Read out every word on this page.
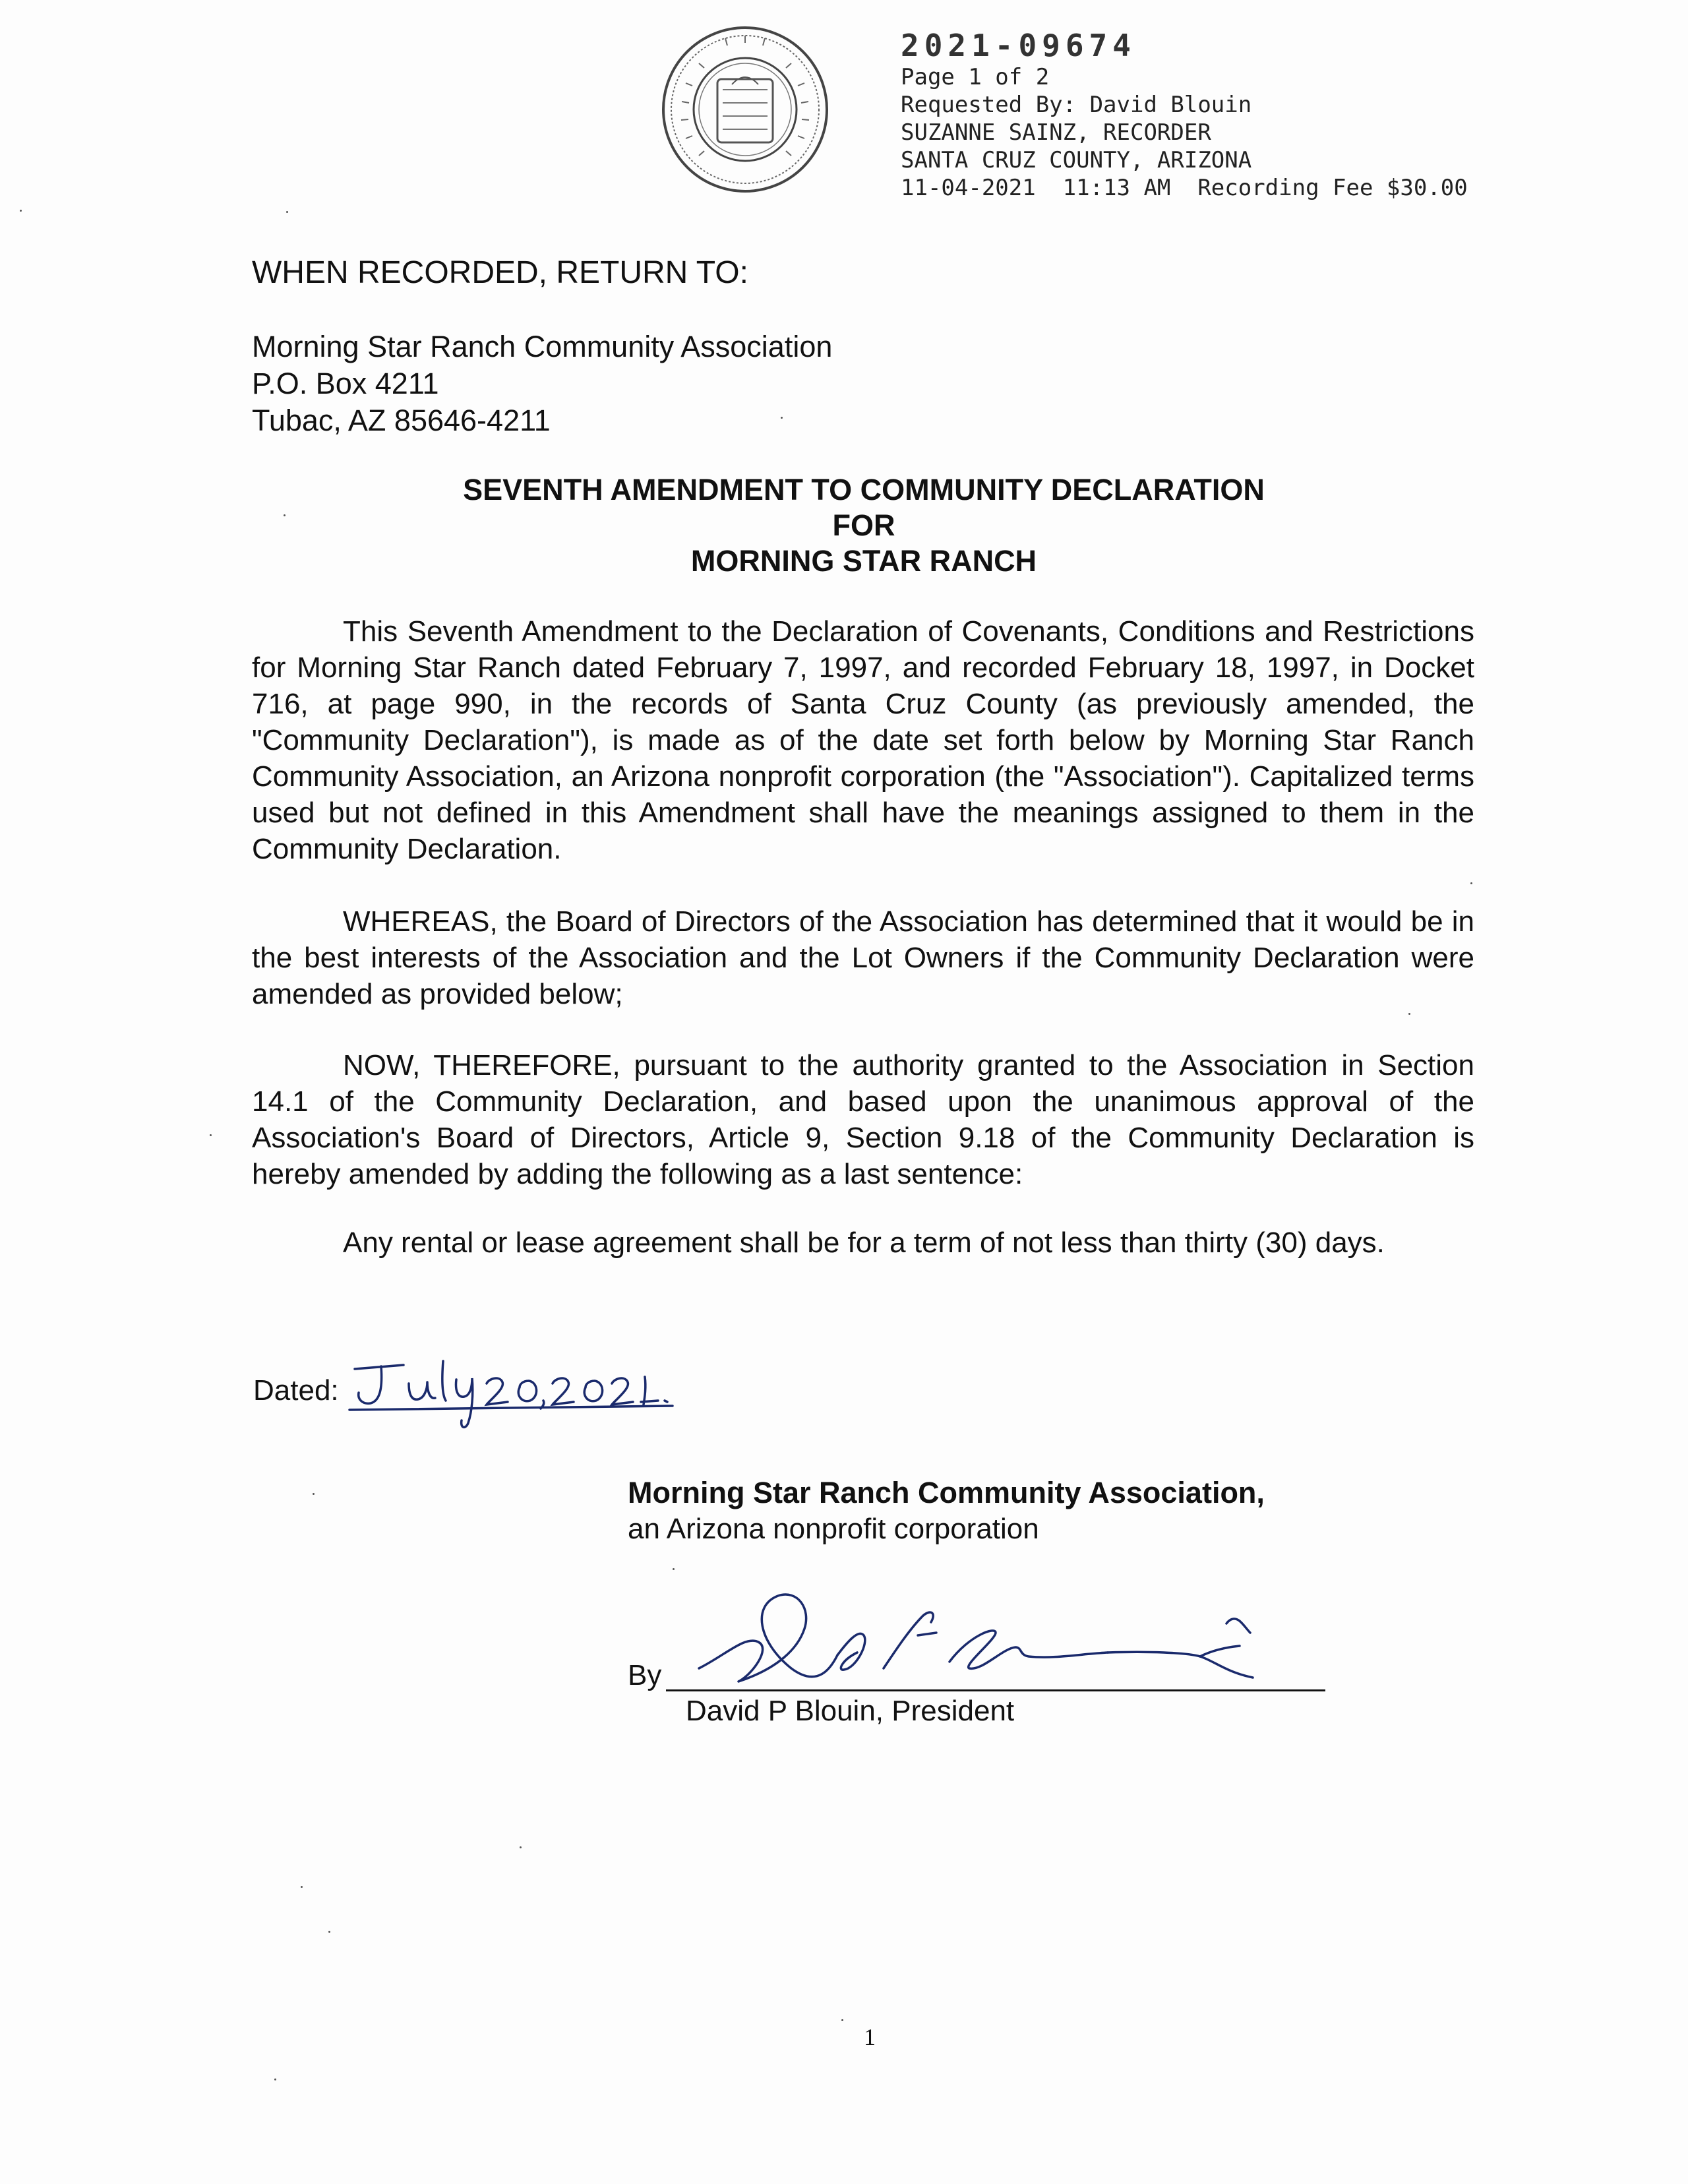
2021-09674
Page 1 of 2
Requested By: David Blouin
SUZANNE SAINZ, RECORDER
SANTA CRUZ COUNTY, ARIZONA
11-04-2021  11:13 AM  Recording Fee $30.00
WHEN RECORDED, RETURN TO:
Morning Star Ranch Community Association
P.O. Box 4211
Tubac, AZ 85646-4211
SEVENTH AMENDMENT TO COMMUNITY DECLARATION
FOR
MORNING STAR RANCH
This Seventh Amendment to the Declaration of Covenants, Conditions and Restrictions for Morning Star Ranch dated February 7, 1997, and recorded February 18, 1997, in Docket 716, at page 990, in the records of Santa Cruz County (as previously amended, the "Community Declaration"), is made as of the date set forth below by Morning Star Ranch Community Association, an Arizona nonprofit corporation (the "Association"). Capitalized terms used but not defined in this Amendment shall have the meanings assigned to them in the Community Declaration.
WHEREAS, the Board of Directors of the Association has determined that it would be in the best interests of the Association and the Lot Owners if the Community Declaration were amended as provided below;
NOW, THEREFORE, pursuant to the authority granted to the Association in Section 14.1 of the Community Declaration, and based upon the unanimous approval of the Association's Board of Directors, Article 9, Section 9.18 of the Community Declaration is hereby amended by adding the following as a last sentence:
Any rental or lease agreement shall be for a term of not less than thirty (30) days.
Dated:
Morning Star Ranch Community Association,
an Arizona nonprofit corporation
By
David P Blouin, President
1
